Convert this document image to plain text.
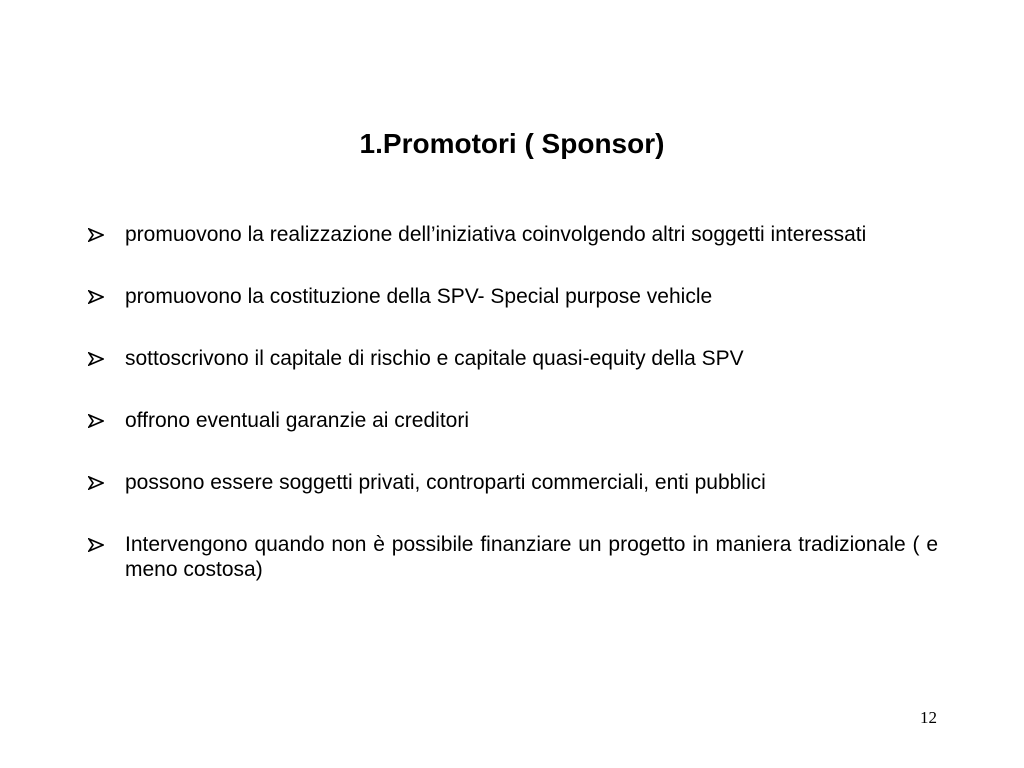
1.Promotori ( Sponsor)
promuovono la realizzazione dell’iniziativa coinvolgendo altri soggetti interessati
promuovono la costituzione della SPV- Special purpose vehicle
sottoscrivono il capitale di rischio e capitale quasi-equity della SPV
offrono eventuali garanzie ai creditori
possono essere soggetti privati, controparti commerciali, enti pubblici
Intervengono quando non è possibile finanziare un progetto in maniera tradizionale ( e meno costosa)
12
